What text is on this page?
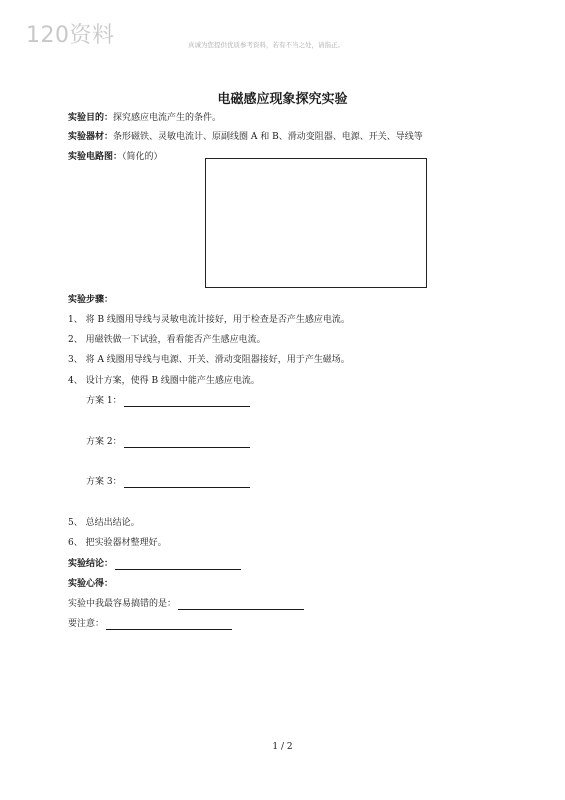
120资料	真诚为您提供优质参考资料，若有不当之处，请指正。
电磁感应现象探究实验
实验目的：探究感应电流产生的条件。
实验器材：条形磁铁、灵敏电流计、原副线圈 A 和 B、滑动变阻器、电源、开关、导线等
实验电路图：（简化的）
实验步骤：
1、 将 B 线圈用导线与灵敏电流计接好，用于检查是否产生感应电流。
2、 用磁铁做一下试验，看看能否产生感应电流。
3、 将 A 线圈用导线与电源、开关、滑动变阻器接好，用于产生磁场。
4、 设计方案，使得 B 线圈中能产生感应电流。
方案 1：
方案 2：
方案 3：
5、 总结出结论。
6、 把实验器材整理好。
实验结论：
实验心得：
实验中我最容易搞错的是：
要注意：
1 / 2
